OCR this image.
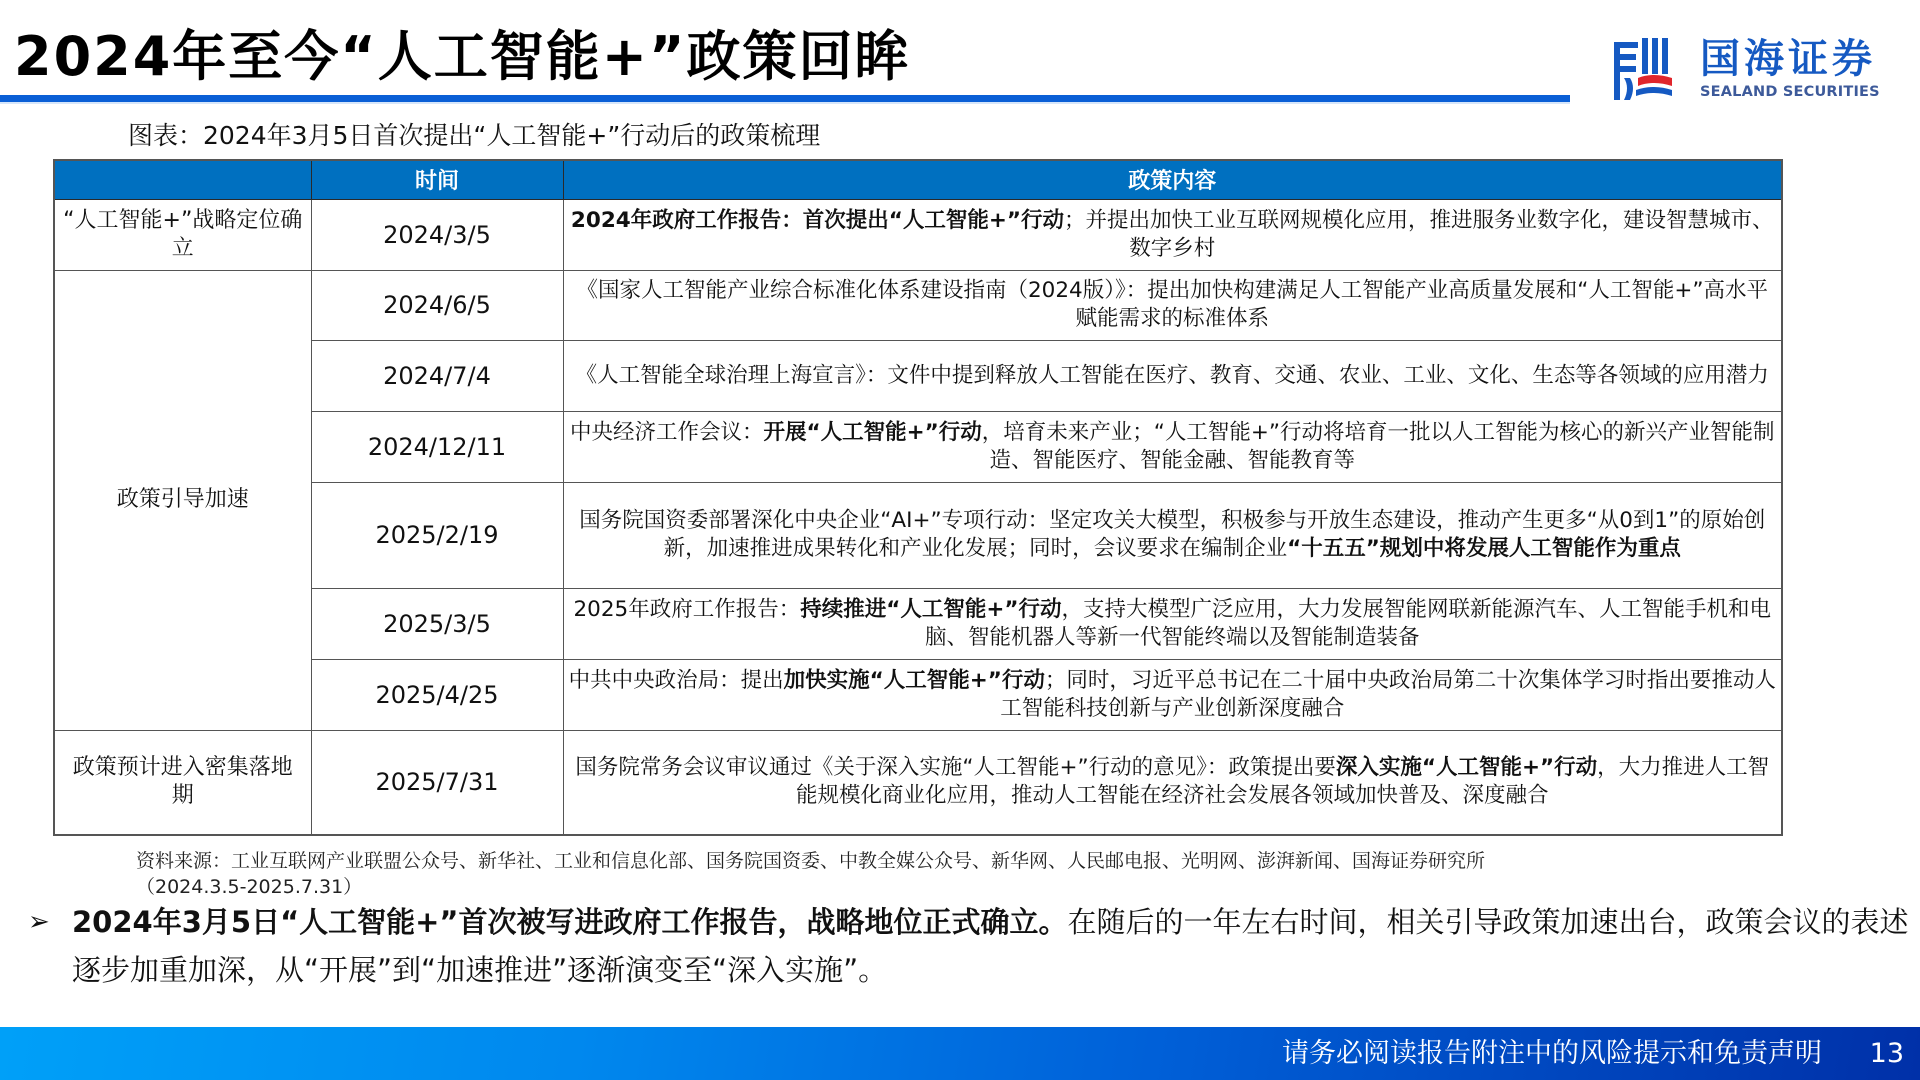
2024年至今“人工智能+”政策回眸	国海证券
SEALAND SECURITIES
图表：2024年3月5日首次提出“人工智能+”行动后的政策梳理
	时间	政策内容
“人工智能+”战略定位确立	2024/3/5	2024年政府工作报告：首次提出“人工智能+”行动；并提出加快工业互联网规模化应用，推进服务业数字化，建设智慧城市、数字乡村
政策引导加速	2024/6/5	《国家人工智能产业综合标准化体系建设指南（2024版）》：提出加快构建满足人工智能产业高质量发展和“人工智能+”高水平赋能需求的标准体系
	2024/7/4	《人工智能全球治理上海宣言》：文件中提到释放人工智能在医疗、教育、交通、农业、工业、文化、生态等各领域的应用潜力
	2024/12/11	中央经济工作会议：开展“人工智能+”行动，培育未来产业；“人工智能+”行动将培育一批以人工智能为核心的新兴产业智能制造、智能医疗、智能金融、智能教育等
	2025/2/19	国务院国资委部署深化中央企业“AI+”专项行动：坚定攻关大模型，积极参与开放生态建设，推动产生更多“从0到1”的原始创新，加速推进成果转化和产业化发展；同时，会议要求在编制企业“十五五”规划中将发展人工智能作为重点
	2025/3/5	2025年政府工作报告：持续推进“人工智能+”行动，支持大模型广泛应用，大力发展智能网联新能源汽车、人工智能手机和电脑、智能机器人等新一代智能终端以及智能制造装备
	2025/4/25	中共中央政治局：提出加快实施“人工智能+”行动；同时，习近平总书记在二十届中央政治局第二十次集体学习时指出要推动人工智能科技创新与产业创新深度融合
政策预计进入密集落地期	2025/7/31	国务院常务会议审议通过《关于深入实施“人工智能+”行动的意见》：政策提出要深入实施“人工智能+”行动，大力推进人工智能规模化商业化应用，推动人工智能在经济社会发展各领域加快普及、深度融合
资料来源：工业互联网产业联盟公众号、新华社、工业和信息化部、国务院国资委、中教全媒公众号、新华网、人民邮电报、光明网、澎湃新闻、国海证券研究所
（2024.3.5-2025.7.31）
➢ 2024年3月5日“人工智能+”首次被写进政府工作报告，战略地位正式确立。在随后的一年左右时间，相关引导政策加速出台，政策会议的表述逐步加重加深，从“开展”到“加速推进”逐渐演变至“深入实施”。
请务必阅读报告附注中的风险提示和免责声明 13
